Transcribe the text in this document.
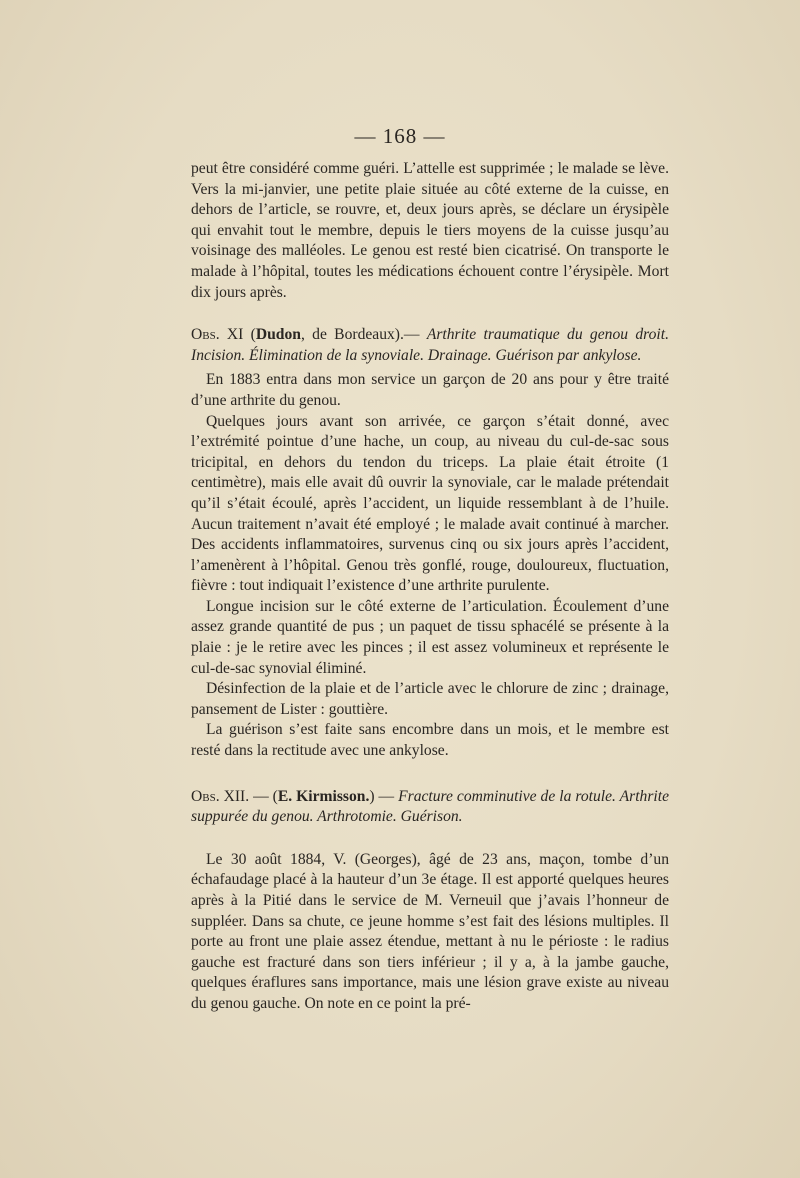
— 168 —

peut être considéré comme guéri. L’attelle est supprimée ; le malade se lève. Vers la mi-janvier, une petite plaie située au côté externe de la cuisse, en dehors de l’article, se rouvre, et, deux jours après, se déclare un érysipèle qui envahit tout le membre, depuis le tiers moyens de la cuisse jusqu’au voisinage des malléoles. Le genou est resté bien cicatrisé. On transporte le malade à l’hôpital, toutes les médications échouent contre l’érysipèle. Mort dix jours après.

Obs. XI (Dudon, de Bordeaux).— Arthrite traumatique du genou droit. Incision. Élimination de la synoviale. Drainage. Guérison par ankylose.

En 1883 entra dans mon service un garçon de 20 ans pour y être traité d’une arthrite du genou.

Quelques jours avant son arrivée, ce garçon s’était donné, avec l’extrémité pointue d’une hache, un coup, au niveau du cul-de-sac sous tricipital, en dehors du tendon du triceps. La plaie était étroite (1 centimètre), mais elle avait dû ouvrir la synoviale, car le malade prétendait qu’il s’était écoulé, après l’accident, un liquide ressemblant à de l’huile. Aucun traitement n’avait été employé ; le malade avait continué à marcher. Des accidents inflammatoires, survenus cinq ou six jours après l’accident, l’amenèrent à l’hôpital. Genou très gonflé, rouge, douloureux, fluctuation, fièvre : tout indiquait l’existence d’une arthrite purulente.

Longue incision sur le côté externe de l’articulation. Écoulement d’une assez grande quantité de pus ; un paquet de tissu sphacélé se présente à la plaie : je le retire avec les pinces ; il est assez volumineux et représente le cul-de-sac synovial éliminé.

Désinfection de la plaie et de l’article avec le chlorure de zinc ; drainage, pansement de Lister : gouttière.

La guérison s’est faite sans encombre dans un mois, et le membre est resté dans la rectitude avec une ankylose.

Obs. XII. — (E. Kirmisson.) — Fracture comminutive de la rotule. Arthrite suppurée du genou. Arthrotomie. Guérison.

Le 30 août 1884, V. (Georges), âgé de 23 ans, maçon, tombe d’un échafaudage placé à la hauteur d’un 3e étage. Il est apporté quelques heures après à la Pitié dans le service de M. Verneuil que j’avais l’honneur de suppléer. Dans sa chute, ce jeune homme s’est fait des lésions multiples. Il porte au front une plaie assez étendue, mettant à nu le périoste : le radius gauche est fracturé dans son tiers inférieur ; il y a, à la jambe gauche, quelques éraflures sans importance, mais une lésion grave existe au niveau du genou gauche. On note en ce point la pré-
